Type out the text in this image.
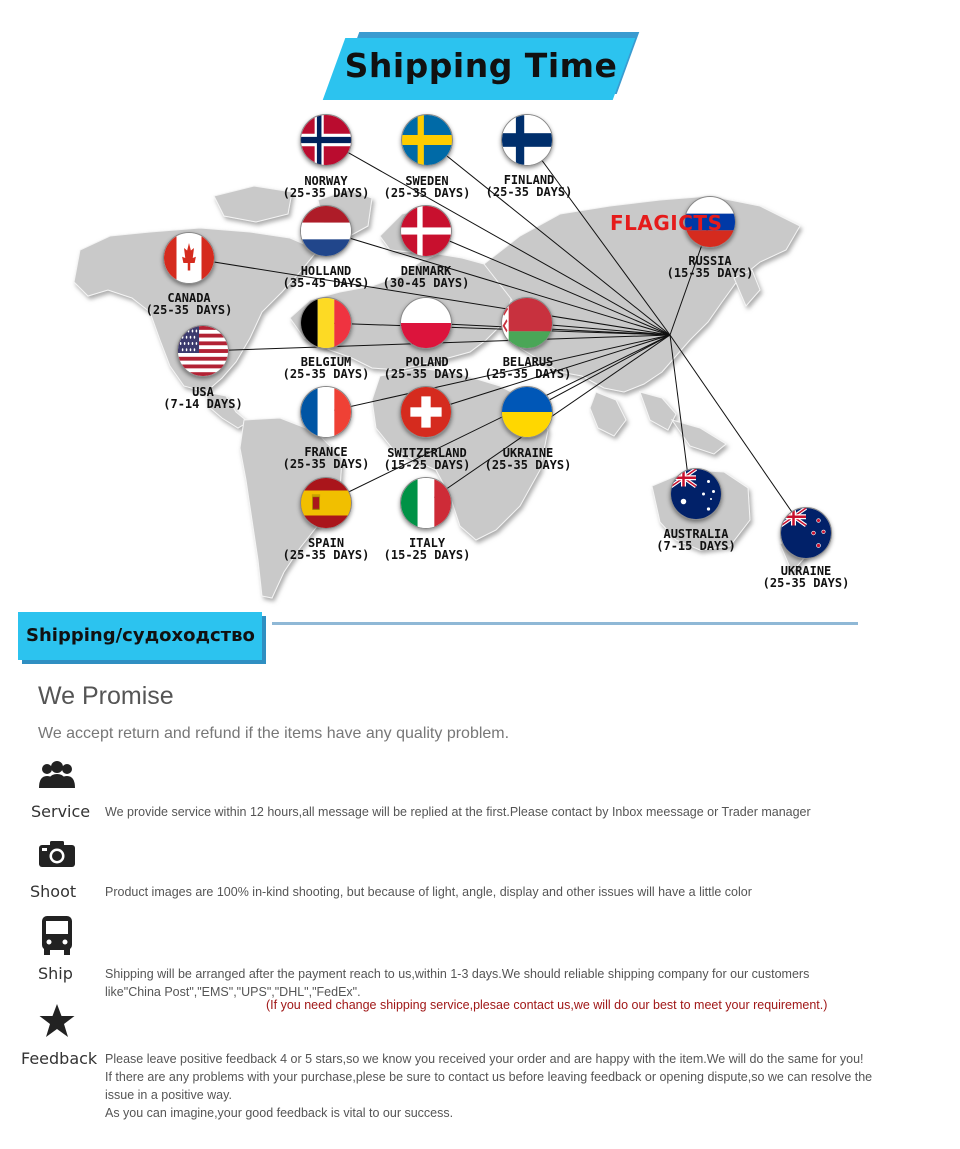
Shipping Time
NORWAY
(25-35 DAYS)
SWEDEN
(25-35 DAYS)
FINLAND
(25-35 DAYS)
HOLLAND
(35-45 DAYS)
DENMARK
(30-45 DAYS)
CANADA
(25-35 DAYS)
RUSSIA
(15-35 DAYS)
BELGIUM
(25-35 DAYS)
POLAND
(25-35 DAYS)
BELARUS
(25-35 DAYS)
USA
(7-14 DAYS)
FRANCE
(25-35 DAYS)
SWITZERLAND
(15-25 DAYS)
UKRAINE
(25-35 DAYS)
SPAIN
(25-35 DAYS)
ITALY
(15-25 DAYS)
AUSTRALIA
(7-15 DAYS)
UKRAINE
(25-35 DAYS)
FLAGICTS
Shipping/судоходство
We Promise
We accept return and refund if the items have any quality problem.
Service We provide service within 12 hours,all message will be replied at the first.Please contact by Inbox meessage or Trader manager
Shoot Product images are 100% in-kind shooting, but because of light, angle, display and other issues will have a little color
Ship	Shipping will be arranged after the payment reach to us,within 1-3 days.We should reliable shipping company for our customers
like"China Post","EMS","UPS","DHL","FedEx".
(If you need change shipping service,plesae contact us,we will do our best to meet your requirement.)
Feedback Please leave positive feedback 4 or 5 stars,so we know you received your order and are happy with the item.We will do the same for you!
If there are any problems with your purchase,plese be sure to contact us before leaving feedback or opening dispute,so we can resolve the
issue in a positive way.
As you can imagine,your good feedback is vital to our success.
